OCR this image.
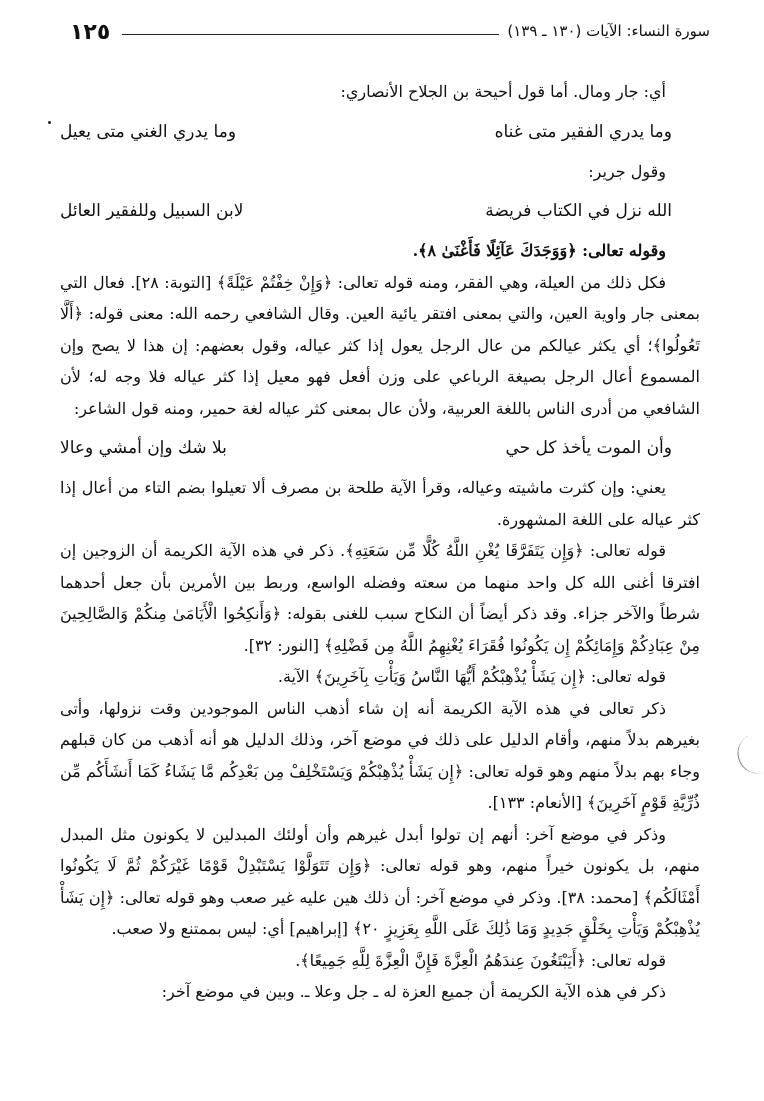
١٢٥	سورة النساء: الآيات (١٣٠ ـ ١٣٩)

أي: جار ومال. أما قول أحيحة بن الجلاح الأنصاري:

وما يدري الفقير متى غناه
وما يدري الغني متى يعيل

وقول جرير:

الله نزل في الكتاب فريضة
لابن السبيل وللفقير العائل

وقوله تعالى: ﴿وَوَجَدَكَ عَآئِلًا فَأَغْنَىٰ ٨﴾.

فكل ذلك من العيلة، وهي الفقر، ومنه قوله تعالى: ﴿وَإِنْ خِفْتُمْ عَيْلَةً﴾ [التوبة: ٢٨]. فعال التي بمعنى جار واوية العين، والتي بمعنى افتقر يائية العين. وقال الشافعي رحمه الله: معنى قوله: ﴿أَلَّا تَعُولُوا﴾؛ أي يكثر عيالكم من عال الرجل يعول إذا كثر عياله، وقول بعضهم: إن هذا لا يصح وإن المسموع أعال الرجل بصيغة الرباعي على وزن أفعل فهو معيل إذا كثر عياله فلا وجه له؛ لأن الشافعي من أدرى الناس باللغة العربية، ولأن عال بمعنى كثر عياله لغة حمير، ومنه قول الشاعر:

وأن الموت يأخذ كل حي
بلا شك وإن أمشي وعالا

يعني: وإن كثرت ماشيته وعياله، وقرأ الآية طلحة بن مصرف ألا تعيلوا بضم التاء من أعال إذا كثر عياله على اللغة المشهورة.

قوله تعالى: ﴿وَإِن يَتَفَرَّقَا يُغْنِ اللَّهُ كُلًّا مِّن سَعَتِهِ﴾. ذكر في هذه الآية الكريمة أن الزوجين إن افترقا أغنى الله كل واحد منهما من سعته وفضله الواسع، وربط بين الأمرين بأن جعل أحدهما شرطاً والآخر جزاء. وقد ذكر أيضاً أن النكاح سبب للغنى بقوله: ﴿وَأَنكِحُوا الْأَيَامَىٰ مِنكُمْ وَالصَّالِحِينَ مِنْ عِبَادِكُمْ وَإِمَائِكُمْ إِن يَكُونُوا فُقَرَاءَ يُغْنِهِمُ اللَّهُ مِن فَضْلِهِ﴾ [النور: ٣٢].

قوله تعالى: ﴿إِن يَشَأْ يُذْهِبْكُمْ أَيُّهَا النَّاسُ وَيَأْتِ بِآخَرِينَ﴾ الآية.

ذكر تعالى في هذه الآية الكريمة أنه إن شاء أذهب الناس الموجودين وقت نزولها، وأتى بغيرهم بدلاً منهم، وأقام الدليل على ذلك في موضع آخر، وذلك الدليل هو أنه أذهب من كان قبلهم وجاء بهم بدلاً منهم وهو قوله تعالى: ﴿إِن يَشَأْ يُذْهِبْكُمْ وَيَسْتَخْلِفْ مِن بَعْدِكُم مَّا يَشَاءُ كَمَا أَنشَأَكُم مِّن ذُرِّيَّةِ قَوْمٍ آخَرِينَ﴾ [الأنعام: ١٣٣].

وذكر في موضع آخر: أنهم إن تولوا أبدل غيرهم وأن أولئك المبدلين لا يكونون مثل المبدل منهم، بل يكونون خيراً منهم، وهو قوله تعالى: ﴿وَإِن تَتَوَلَّوْا يَسْتَبْدِلْ قَوْمًا غَيْرَكُمْ ثُمَّ لَا يَكُونُوا أَمْثَالَكُم﴾ [محمد: ٣٨]. وذكر في موضع آخر: أن ذلك هين عليه غير صعب وهو قوله تعالى: ﴿إِن يَشَأْ يُذْهِبْكُمْ وَيَأْتِ بِخَلْقٍ جَدِيدٍ وَمَا ذَٰلِكَ عَلَى اللَّهِ بِعَزِيزٍ ٢٠﴾ [إبراهيم] أي: ليس بممتنع ولا صعب.

قوله تعالى: ﴿أَيَبْتَغُونَ عِندَهُمُ الْعِزَّةَ فَإِنَّ الْعِزَّةَ لِلَّهِ جَمِيعًا﴾.

ذكر في هذه الآية الكريمة أن جميع العزة له ـ جل وعلا ـ. وبين في موضع آخر:
